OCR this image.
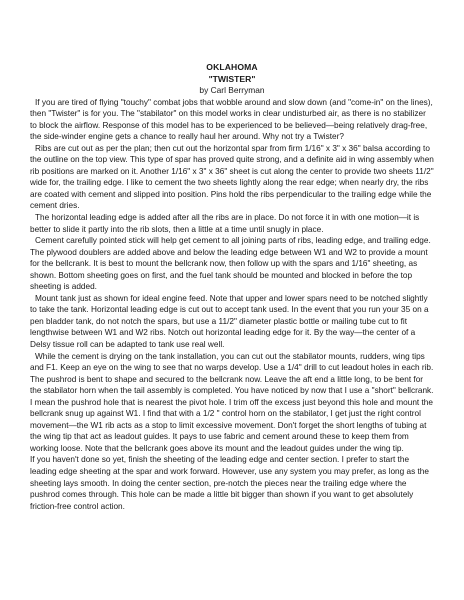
OKLAHOMA
"TWISTER"
by Carl Berryman

If you are tired of flying "touchy" combat jobs that wobble around and slow down (and "come-in" on the lines), then "Twister" is for you. The "stabilator" on this model works in clear undisturbed air, as there is no stabilizer to block the airflow. Response of this model has to be experienced to be believed—being relatively drag-free, the side-winder engine gets a chance to really haul her around. Why not try a Twister?

Ribs are cut out as per the plan; then cut out the horizontal spar from firm 1/16" x 3" x 36" balsa according to the outline on the top view. This type of spar has proved quite strong, and a definite aid in wing assembly when rib positions are marked on it. Another 1/16" x 3" x 36" sheet is cut along the center to provide two sheets 11/2" wide for, the trailing edge. I like to cement the two sheets lightly along the rear edge; when nearly dry, the ribs are coated with cement and slipped into position. Pins hold the ribs perpendicular to the trailing edge while the cement dries.

The horizontal leading edge is added after all the ribs are in place. Do not force it in with one motion—it is better to slide it partly into the rib slots, then a little at a time until snugly in place.

Cement carefully pointed stick will help get cement to all joining parts of ribs, leading edge, and trailing edge. The plywood doublers are added above and below the leading edge between W1 and W2 to provide a mount for the bellcrank. It is best to mount the bellcrank now, then follow up with the spars and 1/16" sheeting, as shown. Bottom sheeting goes on first, and the fuel tank should be mounted and blocked in before the top sheeting is added.

Mount tank just as shown for ideal engine feed. Note that upper and lower spars need to be notched slightly to take the tank. Horizontal leading edge is cut out to accept tank used. In the event that you run your 35 on a pen bladder tank, do not notch the spars, but use a 11/2" diameter plastic bottle or mailing tube cut to fit lengthwise between W1 and W2 ribs. Notch out horizontal leading edge for it. By the way—the center of a Delsy tissue roll can be adapted to tank use real well.

While the cement is drying on the tank installation, you can cut out the stabilator mounts, rudders, wing tips and F1. Keep an eye on the wing to see that no warps develop. Use a 1/4" drill to cut leadout holes in each rib. The pushrod is bent to shape and secured to the bellcrank now. Leave the aft end a little long, to be bent for the stabilator horn when the tail assembly is completed. You have noticed by now that I use a "short" bellcrank. I mean the pushrod hole that is nearest the pivot hole. I trim off the excess just beyond this hole and mount the bellcrank snug up against W1. I find that with a 1/2 " control horn on the stabilator, I get just the right control movement—the W1 rib acts as a stop to limit excessive movement. Don't forget the short lengths of tubing at the wing tip that act as leadout guides. It pays to use fabric and cement around these to keep them from working loose. Note that the bellcrank goes above its mount and the leadout guides under the wing tip.

If you haven't done so yet, finish the sheeting of the leading edge and center section. I prefer to start the leading edge sheeting at the spar and work forward. However, use any system you may prefer, as long as the sheeting lays smooth. In doing the center section, pre-notch the pieces near the trailing edge where the pushrod comes through. This hole can be made a little bit bigger than shown if you want to get absolutely friction-free control action.
